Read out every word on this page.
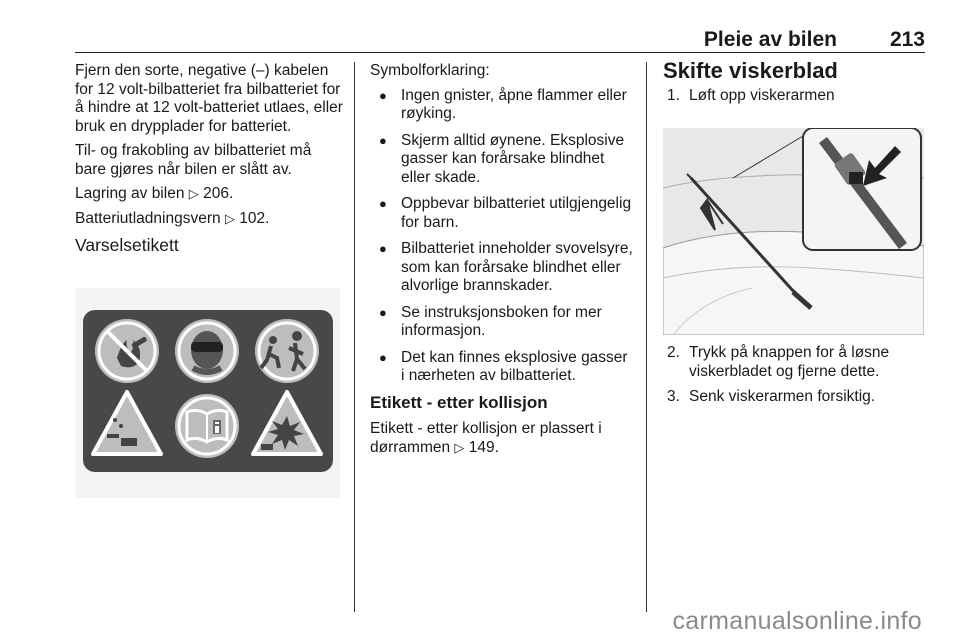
Pleie av bilen	213

Fjern den sorte, negative (–) kabelen for 12 volt-bilbatteriet fra bilbatteriet for å hindre at 12 volt-batteriet utlaes, eller bruk en drypplader for batteriet.

Til- og frakobling av bilbatteriet må bare gjøres når bilen er slått av.

Lagring av bilen ▷ 206.

Batteriutladningsvern ▷ 102.

Varselsetikett

Symbolforklaring:

● Ingen gnister, åpne flammer eller røyking.
● Skjerm alltid øynene. Eksplosive gasser kan forårsake blindhet eller skade.
● Oppbevar bilbatteriet utilgjengelig for barn.
● Bilbatteriet inneholder svovelsyre, som kan forårsake blindhet eller alvorlige brannskader.
● Se instruksjonsboken for mer informasjon.
● Det kan finnes eksplosive gasser i nærheten av bilbatteriet.
Etikett - etter kollisjon

Etikett - etter kollisjon er plassert i dørrammen ▷ 149.

Skifte viskerblad
1. Løft opp viskerarmen
2. Trykk på knappen for å løsne viskerbladet og fjerne dette.
3. Senk viskerarmen forsiktig.
carmanualsonline.info
